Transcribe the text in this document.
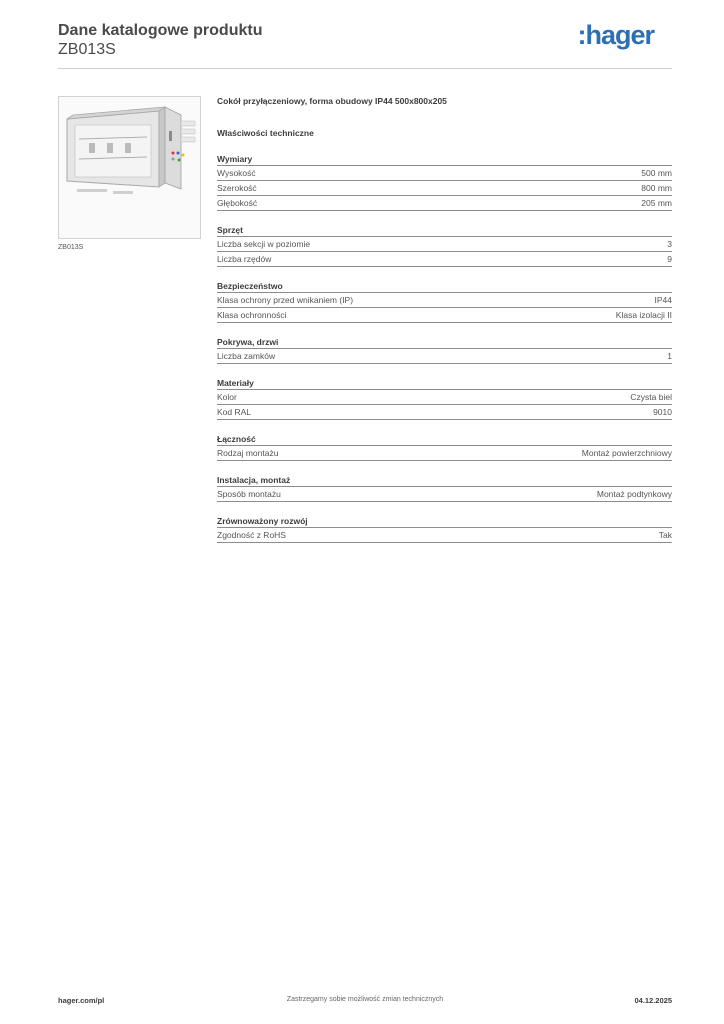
Dane katalogowe produktu
ZB013S	:hager
ZB013S
Cokół przyłączeniowy, forma obudowy IP44 500x800x205
Właściwości techniczne
Wymiary
Wysokość	500 mm
Szerokość	800 mm
Głębokość	205 mm
Sprzęt
Liczba sekcji w poziomie	3
Liczba rzędów	9
Bezpieczeństwo
Klasa ochrony przed wnikaniem (IP)	IP44
Klasa ochronności	Klasa izolacji II
Pokrywa, drzwi
Liczba zamków	1
Materiały
Kolor	Czysta biel
Kod RAL	9010
Łączność
Rodzaj montażu	Montaż powierzchniowy
Instalacja, montaż
Sposób montażu	Montaż podtynkowy
Zrównoważony rozwój
Zgodność z RoHS	Tak
hager.com/pl	Zastrzegamy sobie możliwość zmian technicznych	04.12.2025
